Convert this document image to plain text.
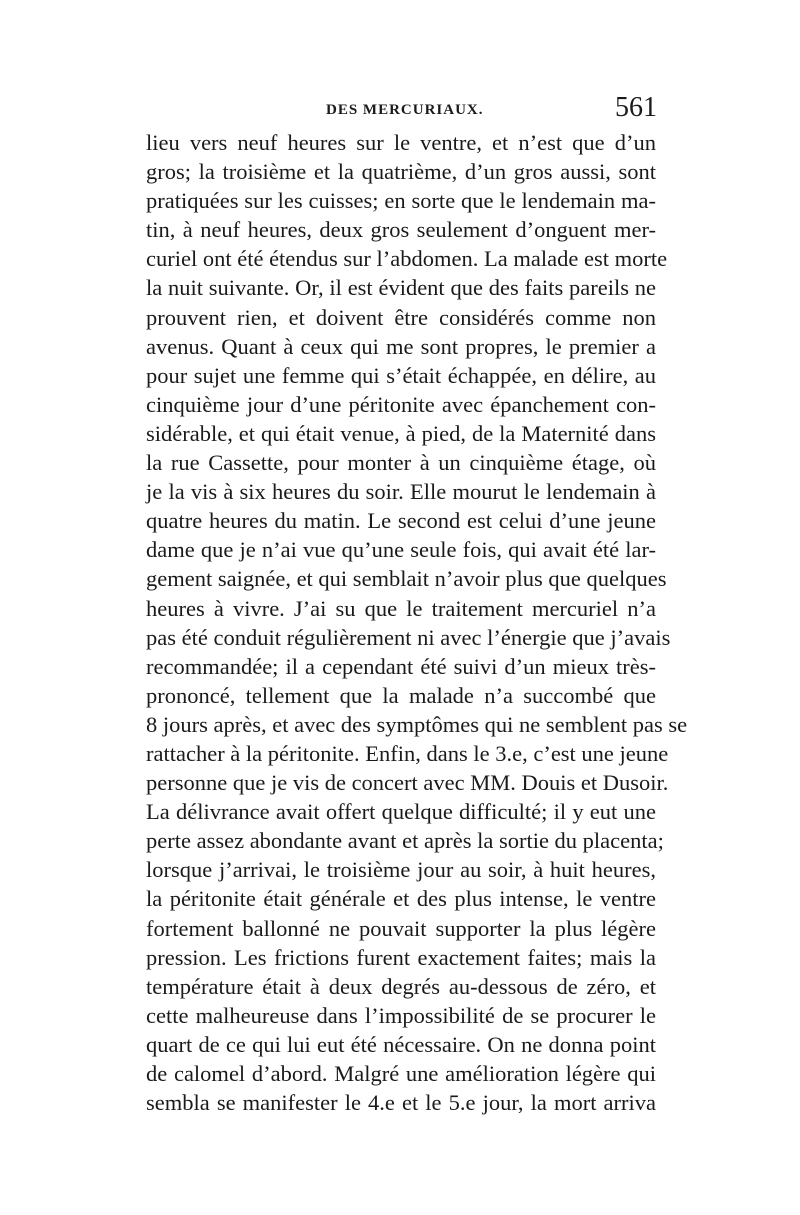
DES MERCURIAUX.	561
lieu vers neuf heures sur le ventre, et n’est que d’un
gros; la troisième et la quatrième, d’un gros aussi, sont
pratiquées sur les cuisses; en sorte que le lendemain ma-
tin, à neuf heures, deux gros seulement d’onguent mer-
curiel ont été étendus sur l’abdomen. La malade est morte
la nuit suivante. Or, il est évident que des faits pareils ne
prouvent rien, et doivent être considérés comme non
avenus. Quant à ceux qui me sont propres, le premier a
pour sujet une femme qui s’était échappée, en délire, au
cinquième jour d’une péritonite avec épanchement con-
sidérable, et qui était venue, à pied, de la Maternité dans
la rue Cassette, pour monter à un cinquième étage, où
je la vis à six heures du soir. Elle mourut le lendemain à
quatre heures du matin. Le second est celui d’une jeune
dame que je n’ai vue qu’une seule fois, qui avait été lar-
gement saignée, et qui semblait n’avoir plus que quelques
heures à vivre. J’ai su que le traitement mercuriel n’a
pas été conduit régulièrement ni avec l’énergie que j’avais
recommandée; il a cependant été suivi d’un mieux très-
prononcé, tellement que la malade n’a succombé que
8 jours après, et avec des symptômes qui ne semblent pas se
rattacher à la péritonite. Enfin, dans le 3.e, c’est une jeune
personne que je vis de concert avec MM. Douis et Dusoir.
La délivrance avait offert quelque difficulté; il y eut une
perte assez abondante avant et après la sortie du placenta;
lorsque j’arrivai, le troisième jour au soir, à huit heures,
la péritonite était générale et des plus intense, le ventre
fortement ballonné ne pouvait supporter la plus légère
pression. Les frictions furent exactement faites; mais la
température était à deux degrés au-dessous de zéro, et
cette malheureuse dans l’impossibilité de se procurer le
quart de ce qui lui eut été nécessaire. On ne donna point
de calomel d’abord. Malgré une amélioration légère qui
sembla se manifester le 4.e et le 5.e jour, la mort arriva
